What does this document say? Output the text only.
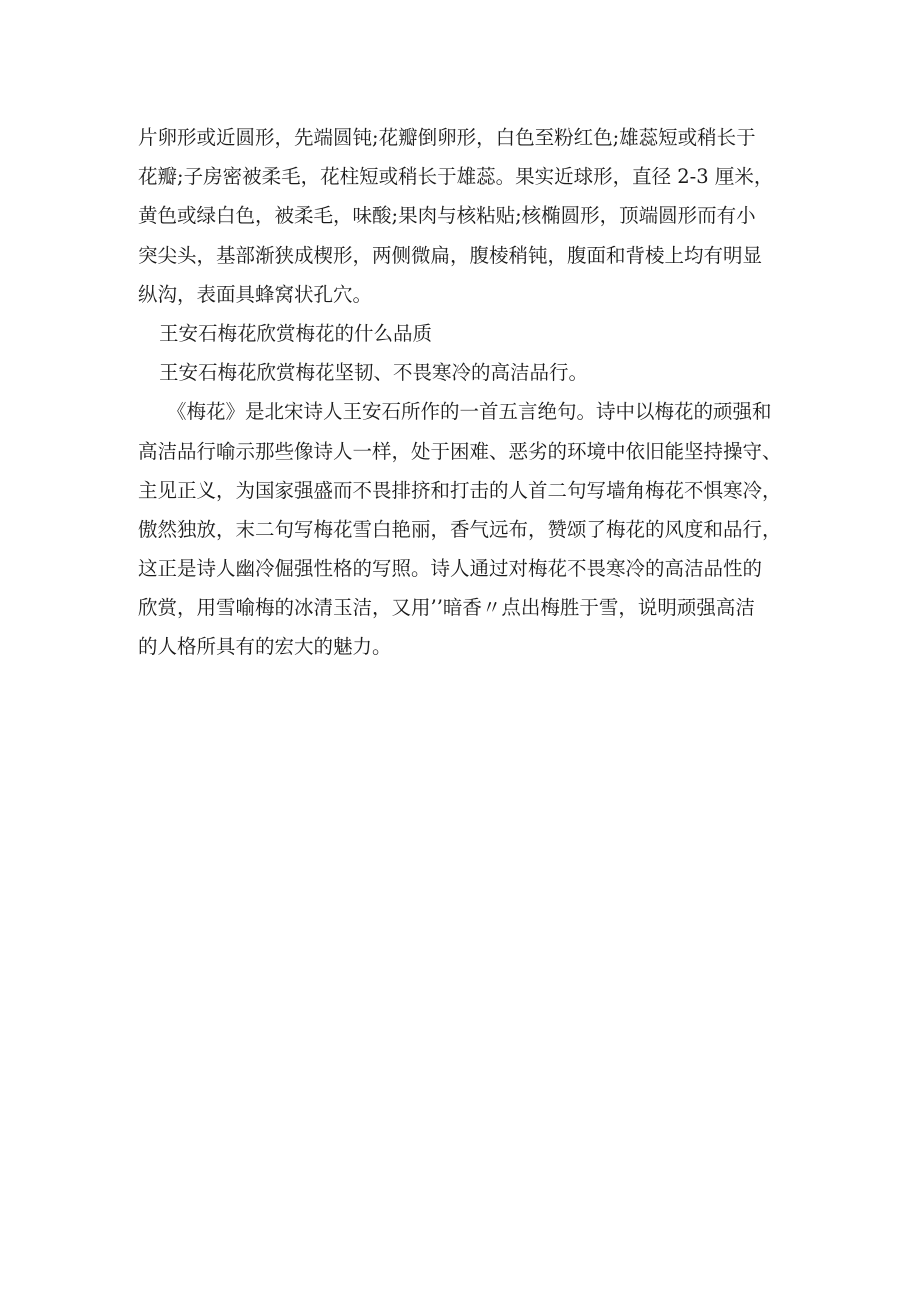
片卵形或近圆形，先端圆钝;花瓣倒卵形，白色至粉红色;雄蕊短或稍长于
花瓣;子房密被柔毛，花柱短或稍长于雄蕊。果实近球形，直径 2-3 厘米，
黄色或绿白色，被柔毛，味酸;果肉与核粘贴;核椭圆形，顶端圆形而有小
突尖头，基部渐狭成楔形，两侧微扁，腹棱稍钝，腹面和背棱上均有明显
纵沟，表面具蜂窝状孔穴。
王安石梅花欣赏梅花的什么品质
王安石梅花欣赏梅花坚韧、不畏寒冷的高洁品行。
《梅花》是北宋诗人王安石所作的一首五言绝句。诗中以梅花的顽强和
高洁品行喻示那些像诗人一样，处于困难、恶劣的环境中依旧能坚持操守、
主见正义，为国家强盛而不畏排挤和打击的人首二句写墙角梅花不惧寒冷，
傲然独放，末二句写梅花雪白艳丽，香气远布，赞颂了梅花的风度和品行，
这正是诗人幽冷倔强性格的写照。诗人通过对梅花不畏寒冷的高洁品性的
欣赏，用雪喻梅的冰清玉洁，又用’’暗香〃点出梅胜于雪，说明顽强高洁
的人格所具有的宏大的魅力。
